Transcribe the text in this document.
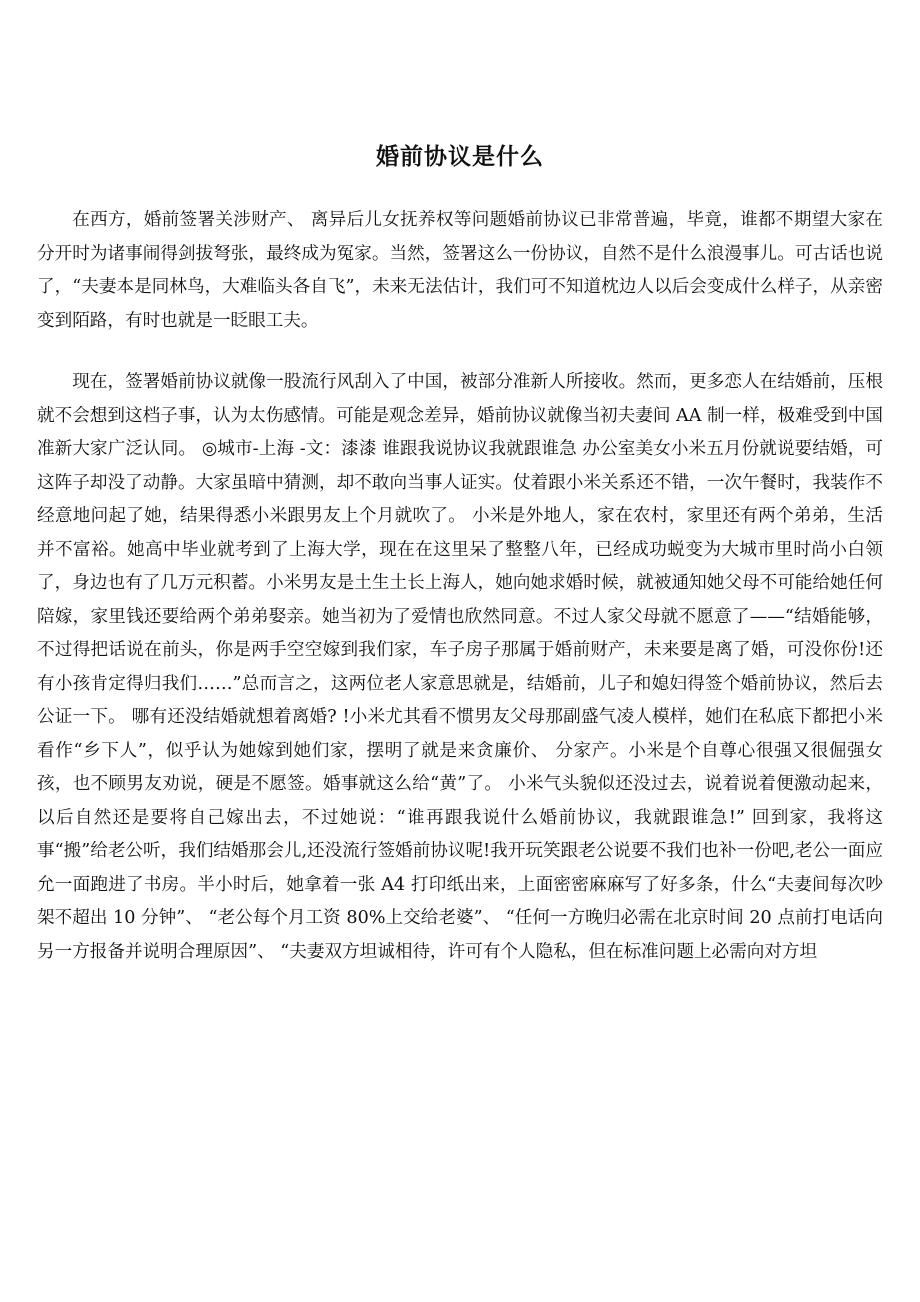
婚前协议是什么

在西方，婚前签署关涉财产、 离异后儿女抚养权等问题婚前协议已非常普遍，毕竟，谁都不期望大家在分开时为诸事闹得剑拔弩张，最终成为冤家。当然，签署这么一份协议，自然不是什么浪漫事儿。可古话也说了，“夫妻本是同林鸟，大难临头各自飞”，未来无法估计，我们可不知道枕边人以后会变成什么样子，从亲密变到陌路，有时也就是一眨眼工夫。

现在，签署婚前协议就像一股流行风刮入了中国，被部分准新人所接收。然而，更多恋人在结婚前，压根就不会想到这档子事，认为太伤感情。可能是观念差异，婚前协议就像当初夫妻间 AA 制一样，极难受到中国准新大家广泛认同。 ◎城市-上海 -文：漆漆 谁跟我说协议我就跟谁急 办公室美女小米五月份就说要结婚，可这阵子却没了动静。大家虽暗中猜测，却不敢向当事人证实。仗着跟小米关系还不错，一次午餐时，我装作不经意地问起了她，结果得悉小米跟男友上个月就吹了。 小米是外地人，家在农村，家里还有两个弟弟，生活并不富裕。她高中毕业就考到了上海大学，现在在这里呆了整整八年，已经成功蜕变为大城市里时尚小白领了，身边也有了几万元积蓄。小米男友是土生土长上海人，她向她求婚时候，就被通知她父母不可能给她任何陪嫁，家里钱还要给两个弟弟娶亲。她当初为了爱情也欣然同意。不过人家父母就不愿意了——“结婚能够，不过得把话说在前头，你是两手空空嫁到我们家，车子房子那属于婚前财产，未来要是离了婚，可没你份!还有小孩肯定得归我们……”总而言之，这两位老人家意思就是，结婚前，儿子和媳妇得签个婚前协议，然后去公证一下。 哪有还没结婚就想着离婚? !小米尤其看不惯男友父母那副盛气凌人模样，她们在私底下都把小米看作“乡下人”，似乎认为她嫁到她们家，摆明了就是来贪廉价、 分家产。小米是个自尊心很强又很倔强女孩，也不顾男友劝说，硬是不愿签。婚事就这么给“黄”了。 小米气头貌似还没过去，说着说着便激动起来，以后自然还是要将自己嫁出去，不过她说：“谁再跟我说什么婚前协议，我就跟谁急!” 回到家，我将这事“搬”给老公听，我们结婚那会儿,还没流行签婚前协议呢!我开玩笑跟老公说要不我们也补一份吧,老公一面应允一面跑进了书房。半小时后，她拿着一张 A4 打印纸出来，上面密密麻麻写了好多条，什么“夫妻间每次吵架不超出 10 分钟”、 “老公每个月工资 80%上交给老婆”、 “任何一方晚归必需在北京时间 20 点前打电话向另一方报备并说明合理原因”、 “夫妻双方坦诚相待，许可有个人隐私，但在标准问题上必需向对方坦
